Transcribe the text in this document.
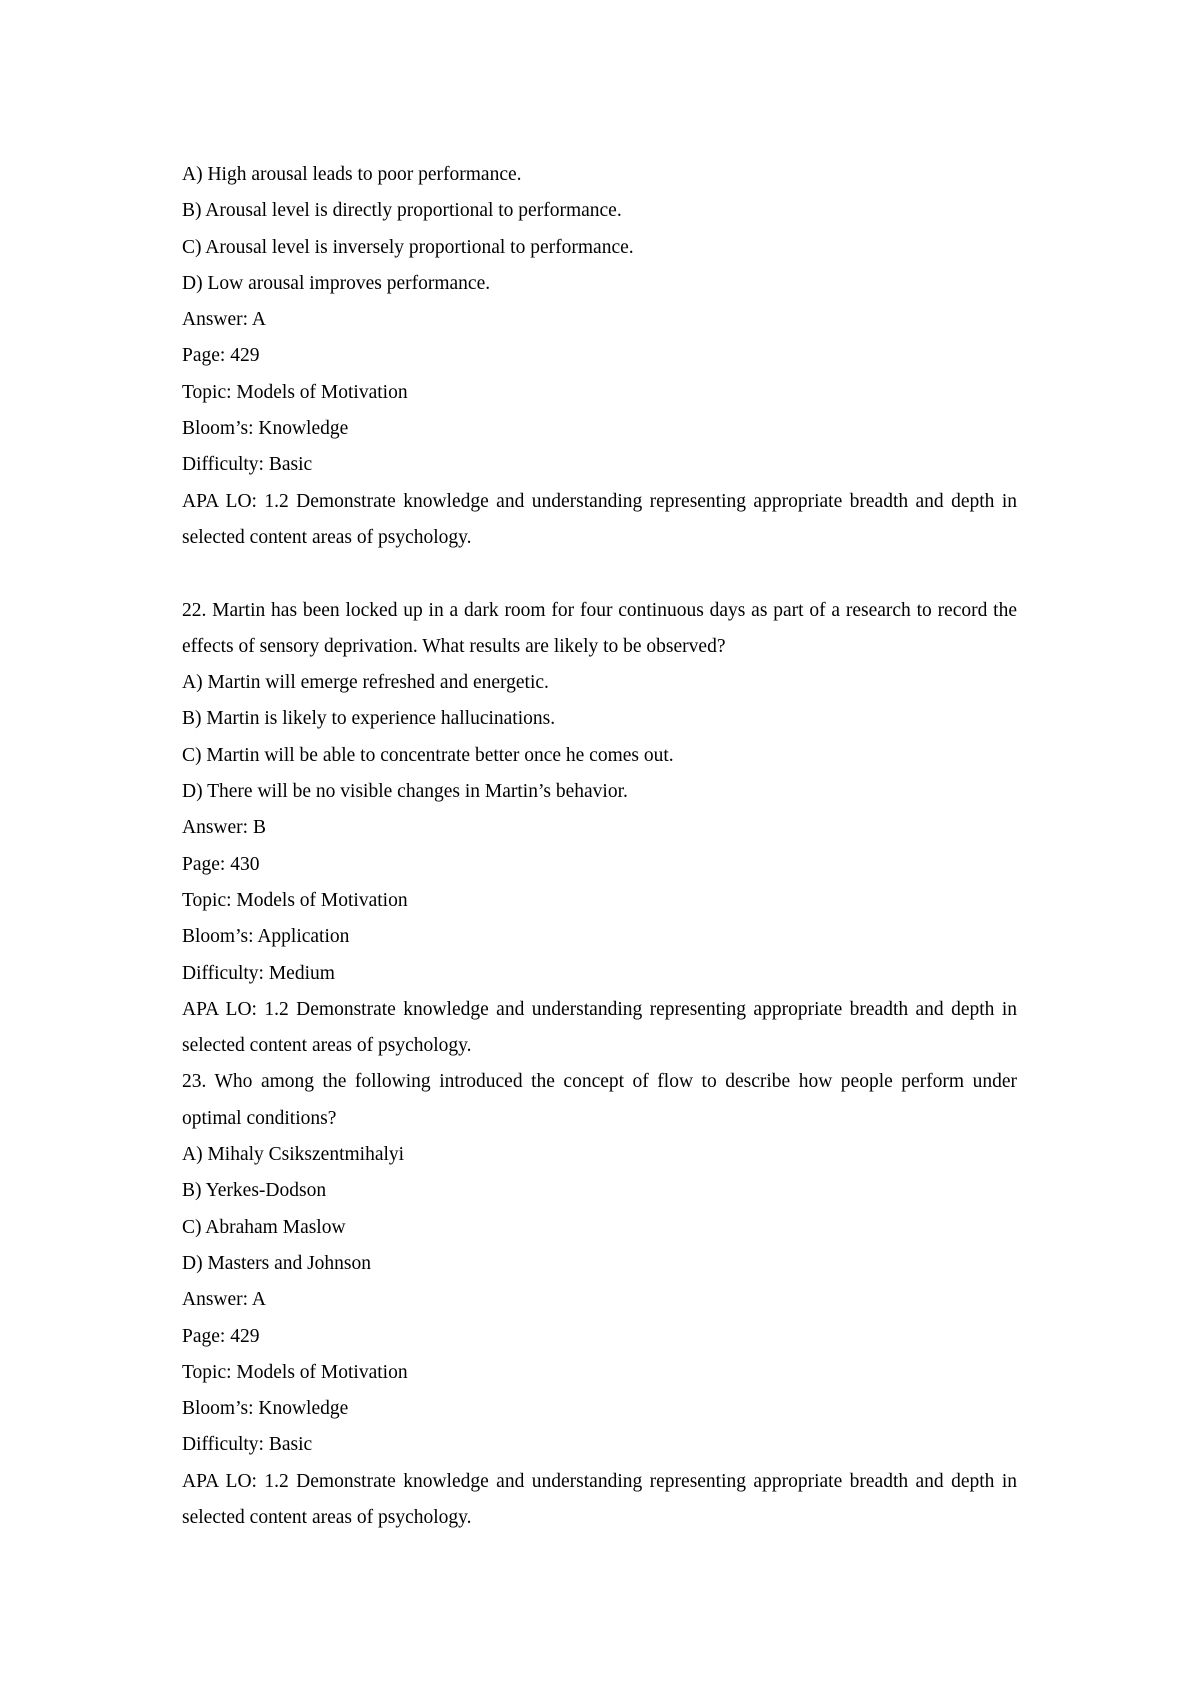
A) High arousal leads to poor performance.
B) Arousal level is directly proportional to performance.
C) Arousal level is inversely proportional to performance.
D) Low arousal improves performance.
Answer: A
Page: 429
Topic: Models of Motivation
Bloom’s: Knowledge
Difficulty: Basic
APA LO: 1.2 Demonstrate knowledge and understanding representing appropriate breadth and depth in selected content areas of psychology.
22. Martin has been locked up in a dark room for four continuous days as part of a research to record the effects of sensory deprivation. What results are likely to be observed?
A) Martin will emerge refreshed and energetic.
B) Martin is likely to experience hallucinations.
C) Martin will be able to concentrate better once he comes out.
D) There will be no visible changes in Martin’s behavior.
Answer: B
Page: 430
Topic: Models of Motivation
Bloom’s: Application
Difficulty: Medium
APA LO: 1.2 Demonstrate knowledge and understanding representing appropriate breadth and depth in selected content areas of psychology.
23. Who among the following introduced the concept of flow to describe how people perform under optimal conditions?
A) Mihaly Csikszentmihalyi
B) Yerkes-Dodson
C) Abraham Maslow
D) Masters and Johnson
Answer: A
Page: 429
Topic: Models of Motivation
Bloom’s: Knowledge
Difficulty: Basic
APA LO: 1.2 Demonstrate knowledge and understanding representing appropriate breadth and depth in selected content areas of psychology.
